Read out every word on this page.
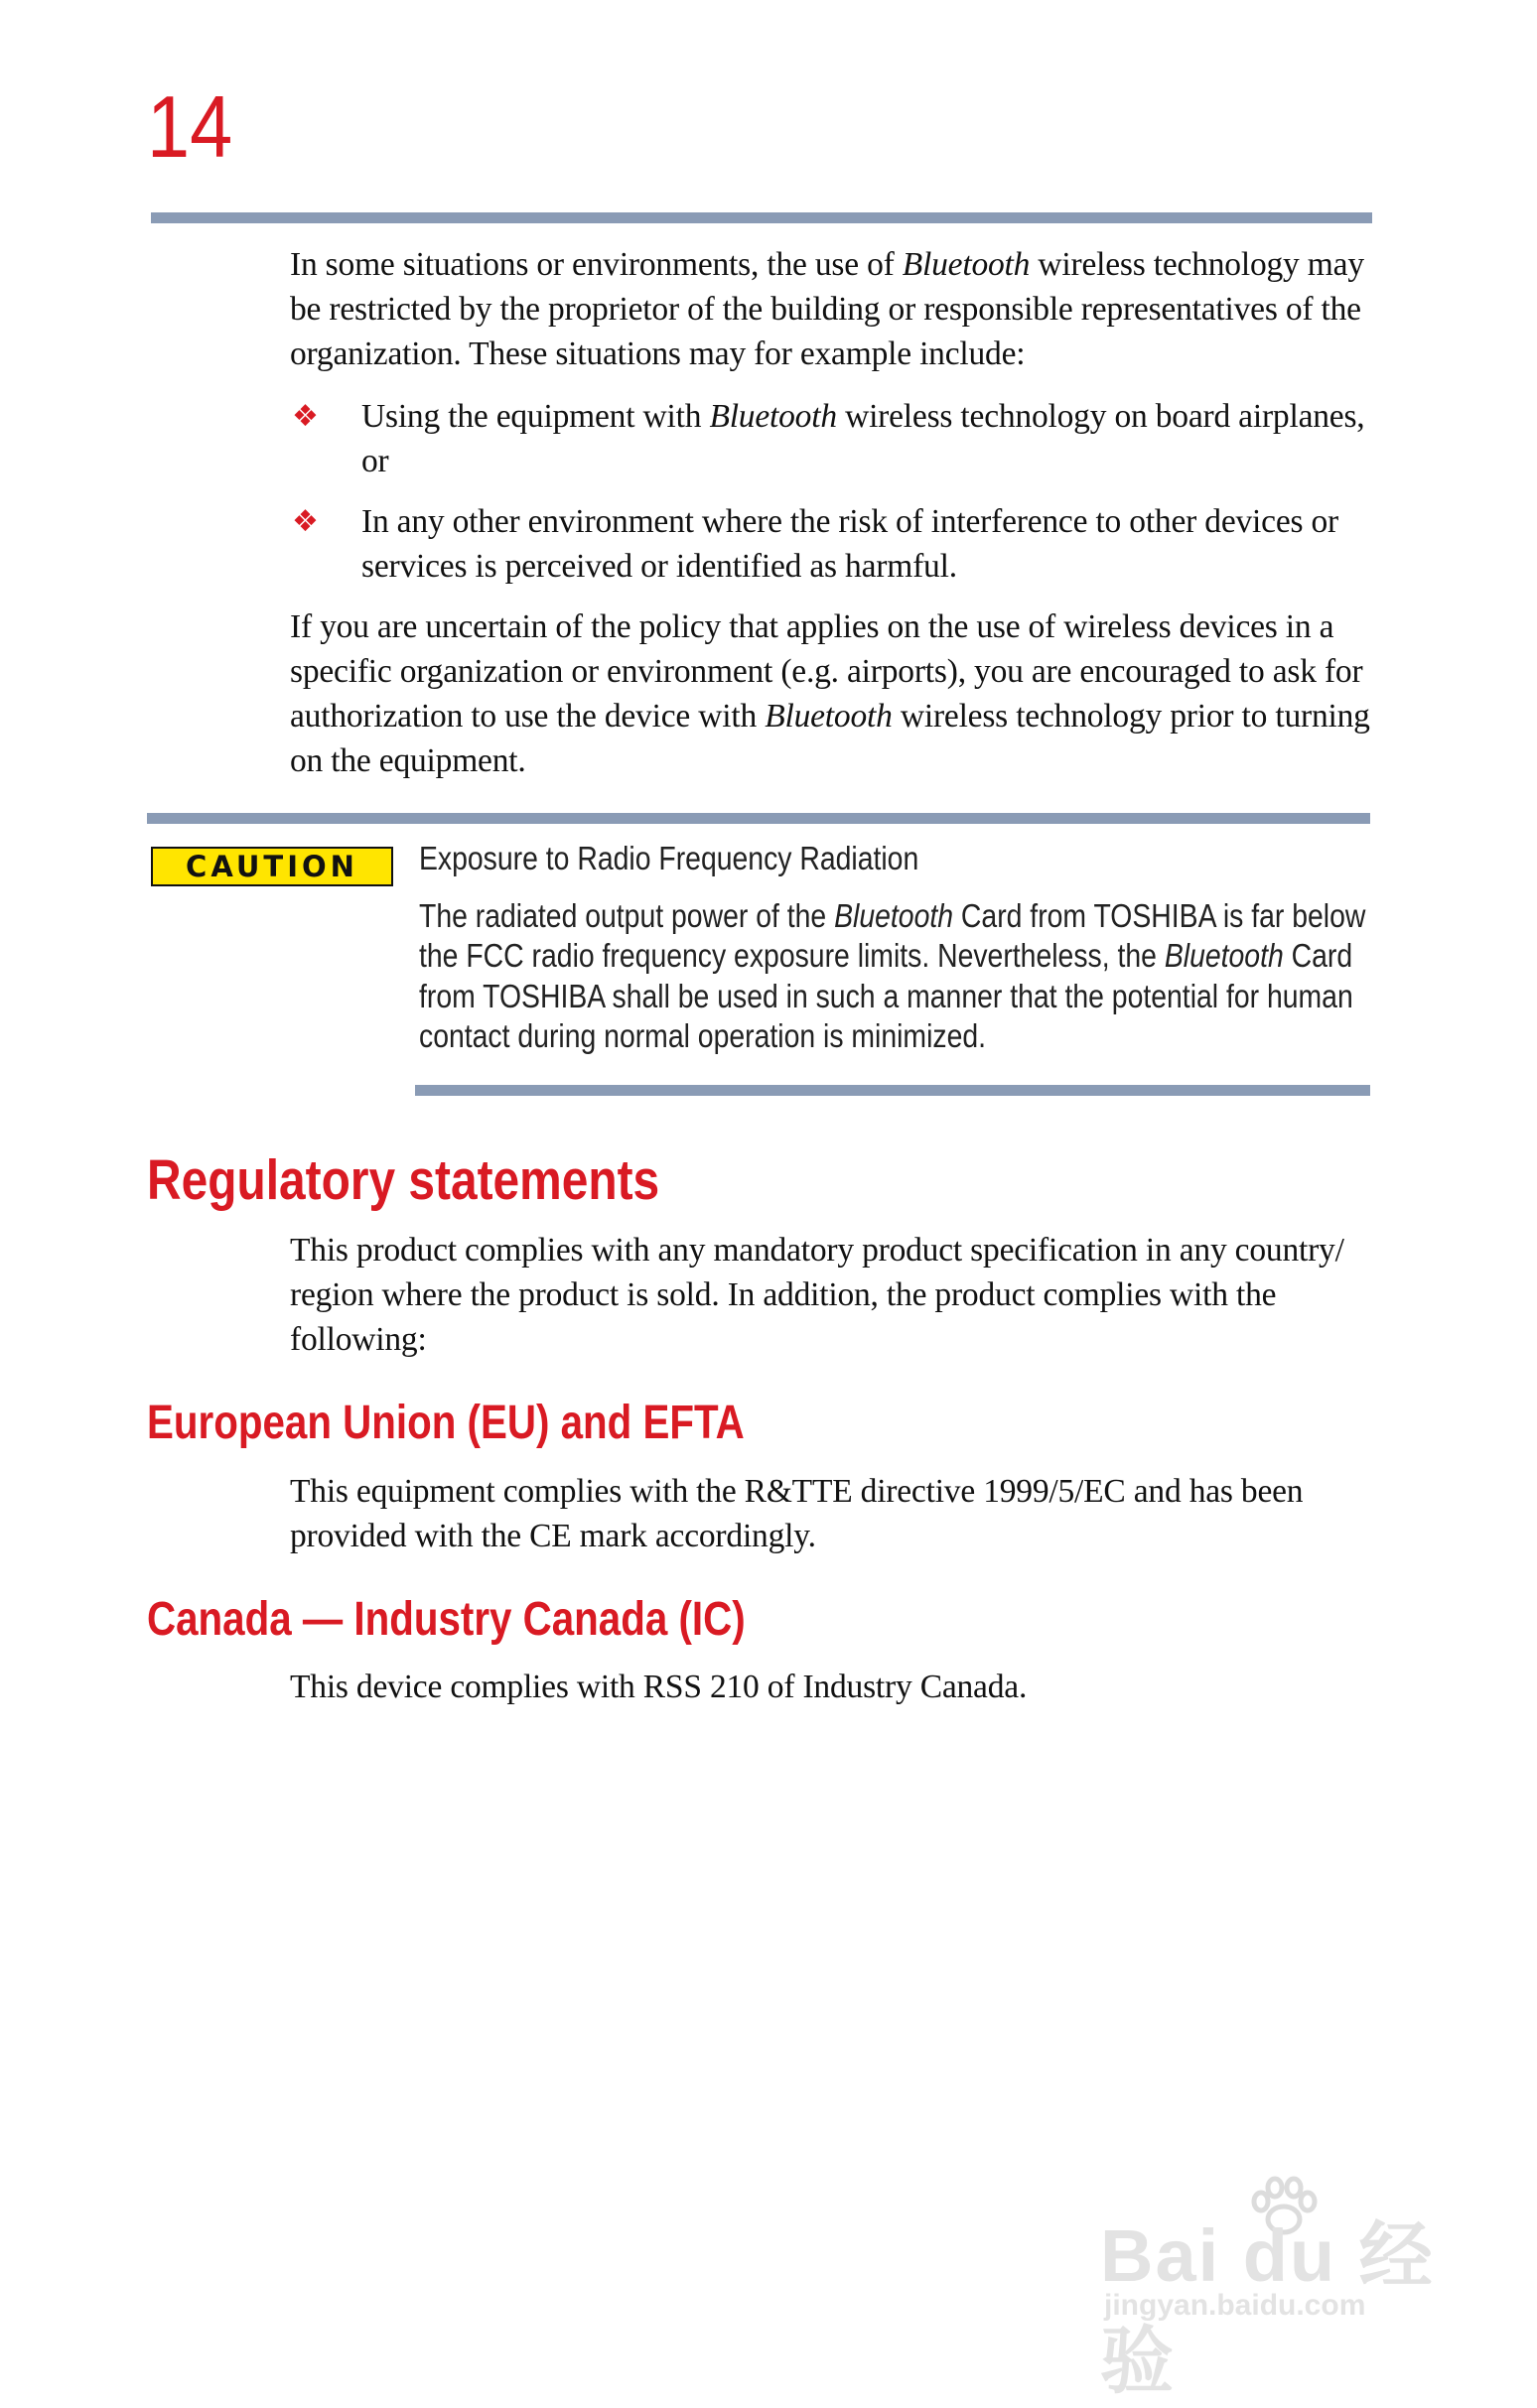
14

In some situations or environments, the use of Bluetooth wireless technology may be restricted by the proprietor of the building or responsible representatives of the organization. These situations may for example include:

❖ Using the equipment with Bluetooth wireless technology on board airplanes, or
❖ In any other environment where the risk of interference to other devices or services is perceived or identified as harmful.

If you are uncertain of the policy that applies on the use of wireless devices in a specific organization or environment (e.g. airports), you are encouraged to ask for authorization to use the device with Bluetooth wireless technology prior to turning on the equipment.

CAUTION	Exposure to Radio Frequency Radiation

The radiated output power of the Bluetooth Card from TOSHIBA is far below the FCC radio frequency exposure limits. Nevertheless, the Bluetooth Card from TOSHIBA shall be used in such a manner that the potential for human contact during normal operation is minimized.

Regulatory statements

This product complies with any mandatory product specification in any country/ region where the product is sold. In addition, the product complies with the following:

European Union (EU) and EFTA

This equipment complies with the R&TTE directive 1999/5/EC and has been provided with the CE mark accordingly.

Canada — Industry Canada (IC)

This device complies with RSS 210 of Industry Canada.

Bai du 经验
jingyan.baidu.com
